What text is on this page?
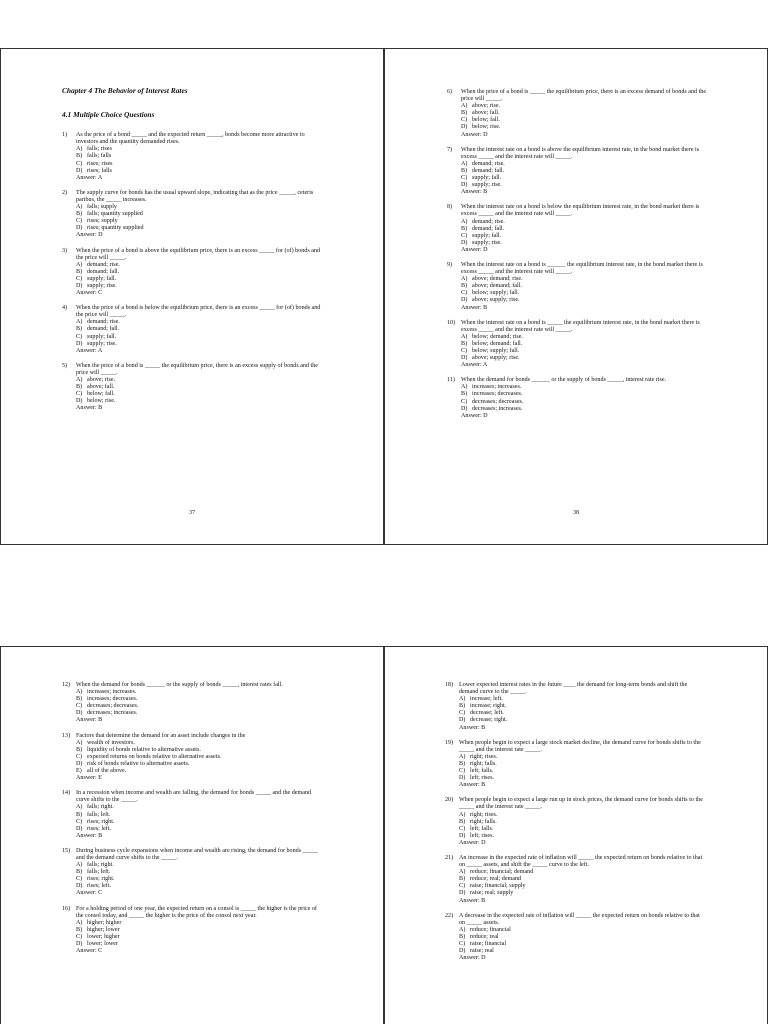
Chapter 4 The Behavior of Interest Rates
4.1 Multiple Choice Questions
1)	As the price of a bond _____ and the expected return _____, bonds become more attractive to investors and the quantity demanded rises.
A) falls; rises
B) falls; falls
C) rises; rises
D) rises; falls
Answer: A
2)	The supply curve for bonds has the usual upward slope, indicating that as the price _____, ceteris paribus, the _____ increases.
A) falls; supply
B) falls; quantity supplied
C) rises; supply
D) rises; quantity supplied
Answer: D
3)	When the price of a bond is above the equilibrium price, there is an excess _____ for (of) bonds and the price will _____.
A) demand; rise.
B) demand; fall.
C) supply; fall.
D) supply; rise.
Answer: C
4)	When the price of a bond is below the equilibrium price, there is an excess _____ for (of) bonds and the price will _____.
A) demand; rise.
B) demand; fall.
C) supply; fall.
D) supply; rise.
Answer: A
5)	When the price of a bond is _____ the equilibrium price, there is an excess supply of bonds and the price will _____.
A) above; rise.
B) above; fall.
C) below; fall.
D) below; rise.
Answer: B
37
6)	When the price of a bond is _____ the equilibrium price, there is an excess demand of bonds and the price will _____.
A) above; rise.
B) above; fall.
C) below; fall.
D) below; rise.
Answer: D
7)	When the interest rate on a bond is above the equilibrium interest rate, in the bond market there is excess _____ and the interest rate will _____.
A) demand; rise.
B) demand; fall.
C) supply; fall.
D) supply; rise.
Answer: B
8)	When the interest rate on a bond is below the equilibrium interest rate, in the bond market there is excess _____ and the interest rate will _____.
A) demand; rise.
B) demand; fall.
C) supply; fall.
D) supply; rise.
Answer: D
9)	When the interest rate on a bond is ______ the equilibrium interest rate, in the bond market there is excess _____ and the interest rate will _____.
A) above; demand; rise.
B) above; demand; fall.
C) below; supply; fall.
D) above; supply; rise.
Answer: B
10) When the interest rate on a bond is _____ the equilibrium interest rate, in the bond market there is excess _____ and the interest rate will _____.
A) below; demand; rise.
B) below; demand; fall.
C) below; supply; fall.
D) above; supply; rise.
Answer: A
11) When the demand for bonds ______ or the supply of bonds _____, interest rate rise.
A) increases; increases.
B) increases; decreases.
C) decreases; decreases.
D) decreases; increases.
Answer: D
38
12) When the demand for bonds ______ or the supply of bonds _____, interest rates fall.
A) increases; increases.
B) increases; decreases.
C) decreases; decreases.
D) decreases; increases.
Answer: B
13) Factors that determine the demand for an asset include changes in the
A) wealth of investors.
B) liquidity of bonds relative to alternative assets.
C) expected returns on bonds relative to alternative assets.
D) risk of bonds relative to alternative assets.
E) all of the above.
Answer: E
14) In a recession when income and wealth are falling, the demand for bonds _____ and the demand curve shifts to the _____.
A) falls; right.
B) falls; left.
C) rises; right.
D) rises; left.
Answer: B
15) During business cycle expansions when income and wealth are rising, the demand for bonds _____ and the demand curve shifts to the _____.
A) falls; right.
B) falls; left.
C) rises; right.
D) rises; left.
Answer: C
16) For a holding period of one year, the expected return on a consol is _____ the higher is the price of the consol today, and _____ the higher is the price of the consol next year.
A) higher; higher
B) higher; lower
C) lower; higher
D) lower; lower
Answer: C
18) Lower expected interest rates in the future ____ the demand for long-term bonds and shift the demand curve to the _____.
A) increase; left.
B) increase; right.
C) decrease; left.
D) decrease; right.
Answer: B
19) When people begin to expect a large stock market decline, the demand curve for bonds shifts to the _____ and the interest rate _____.
A) right; rises.
B) right; falls.
C) left; falls.
D) left; rises.
Answer: B
20) When people begin to expect a large run up in stock prices, the demand curve for bonds shifts to the _____ and the interest rate _____.
A) right; rises.
B) right; falls.
C) left; falls.
D) left; rises.
Answer: D
21) An increase in the expected rate of inflation will _____ the expected return on bonds relative to that on _____ assets, and shift the _____ curve to the left.
A) reduce; financial; demand
B) reduce; real; demand
C) raise; financial; supply
D) raise; real; supply
Answer: B
22) A decrease in the expected rate of inflation will _____ the expected return on bonds relative to that on _____ assets.
A) reduce; financial
B) reduce; real
C) raise; financial
D) raise; real
Answer: D
